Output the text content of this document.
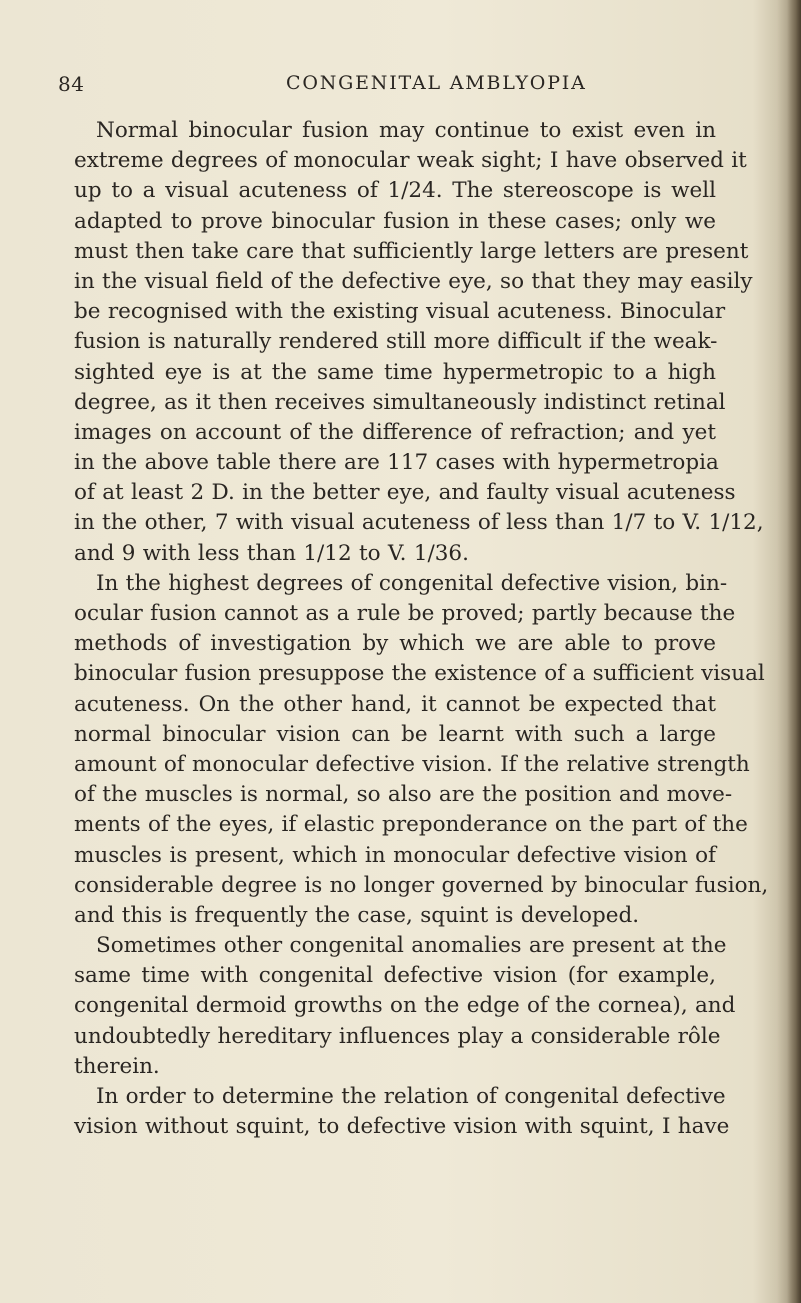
84	CONGENITAL AMBLYOPIA
Normal binocular fusion may continue to exist even in
extreme degrees of monocular weak sight; I have observed it
up to a visual acuteness of 1/24. The stereoscope is well
adapted to prove binocular fusion in these cases; only we
must then take care that sufficiently large letters are present
in the visual field of the defective eye, so that they may easily
be recognised with the existing visual acuteness. Binocular
fusion is naturally rendered still more difficult if the weak-
sighted eye is at the same time hypermetropic to a high
degree, as it then receives simultaneously indistinct retinal
images on account of the difference of refraction; and yet
in the above table there are 117 cases with hypermetropia
of at least 2 D. in the better eye, and faulty visual acuteness
in the other, 7 with visual acuteness of less than 1/7 to V. 1/12,
and 9 with less than 1/12 to V. 1/36.
In the highest degrees of congenital defective vision, bin-
ocular fusion cannot as a rule be proved; partly because the
methods of investigation by which we are able to prove
binocular fusion presuppose the existence of a sufficient visual
acuteness. On the other hand, it cannot be expected that
normal binocular vision can be learnt with such a large
amount of monocular defective vision. If the relative strength
of the muscles is normal, so also are the position and move-
ments of the eyes, if elastic preponderance on the part of the
muscles is present, which in monocular defective vision of
considerable degree is no longer governed by binocular fusion,
and this is frequently the case, squint is developed.
Sometimes other congenital anomalies are present at the
same time with congenital defective vision (for example,
congenital dermoid growths on the edge of the cornea), and
undoubtedly hereditary influences play a considerable rôle
therein.
In order to determine the relation of congenital defective
vision without squint, to defective vision with squint, I have
